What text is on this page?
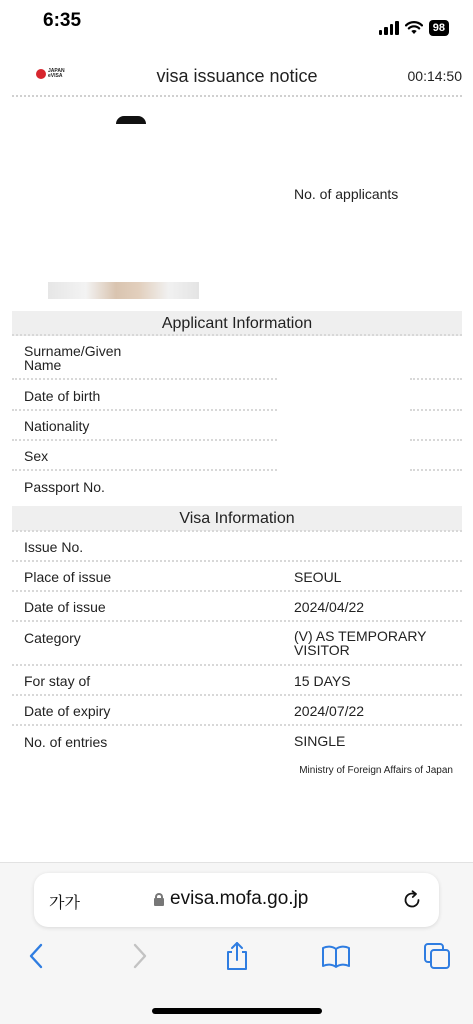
6:35	98
JAPAN
eVISA	visa issuance notice	00:14:50
No. of applicants
Applicant Information
Surname/Given
Name
Date of birth
Nationality
Sex
Passport No.
Visa Information
Issue No.
Place of issue	SEOUL
Date of issue	2024/04/22
Category	(V) AS TEMPORARY VISITOR
For stay of	15 DAYS
Date of expiry	2024/07/22
No. of entries	SINGLE
Ministry of Foreign Affairs of Japan
가가	evisa.mofa.go.jp
